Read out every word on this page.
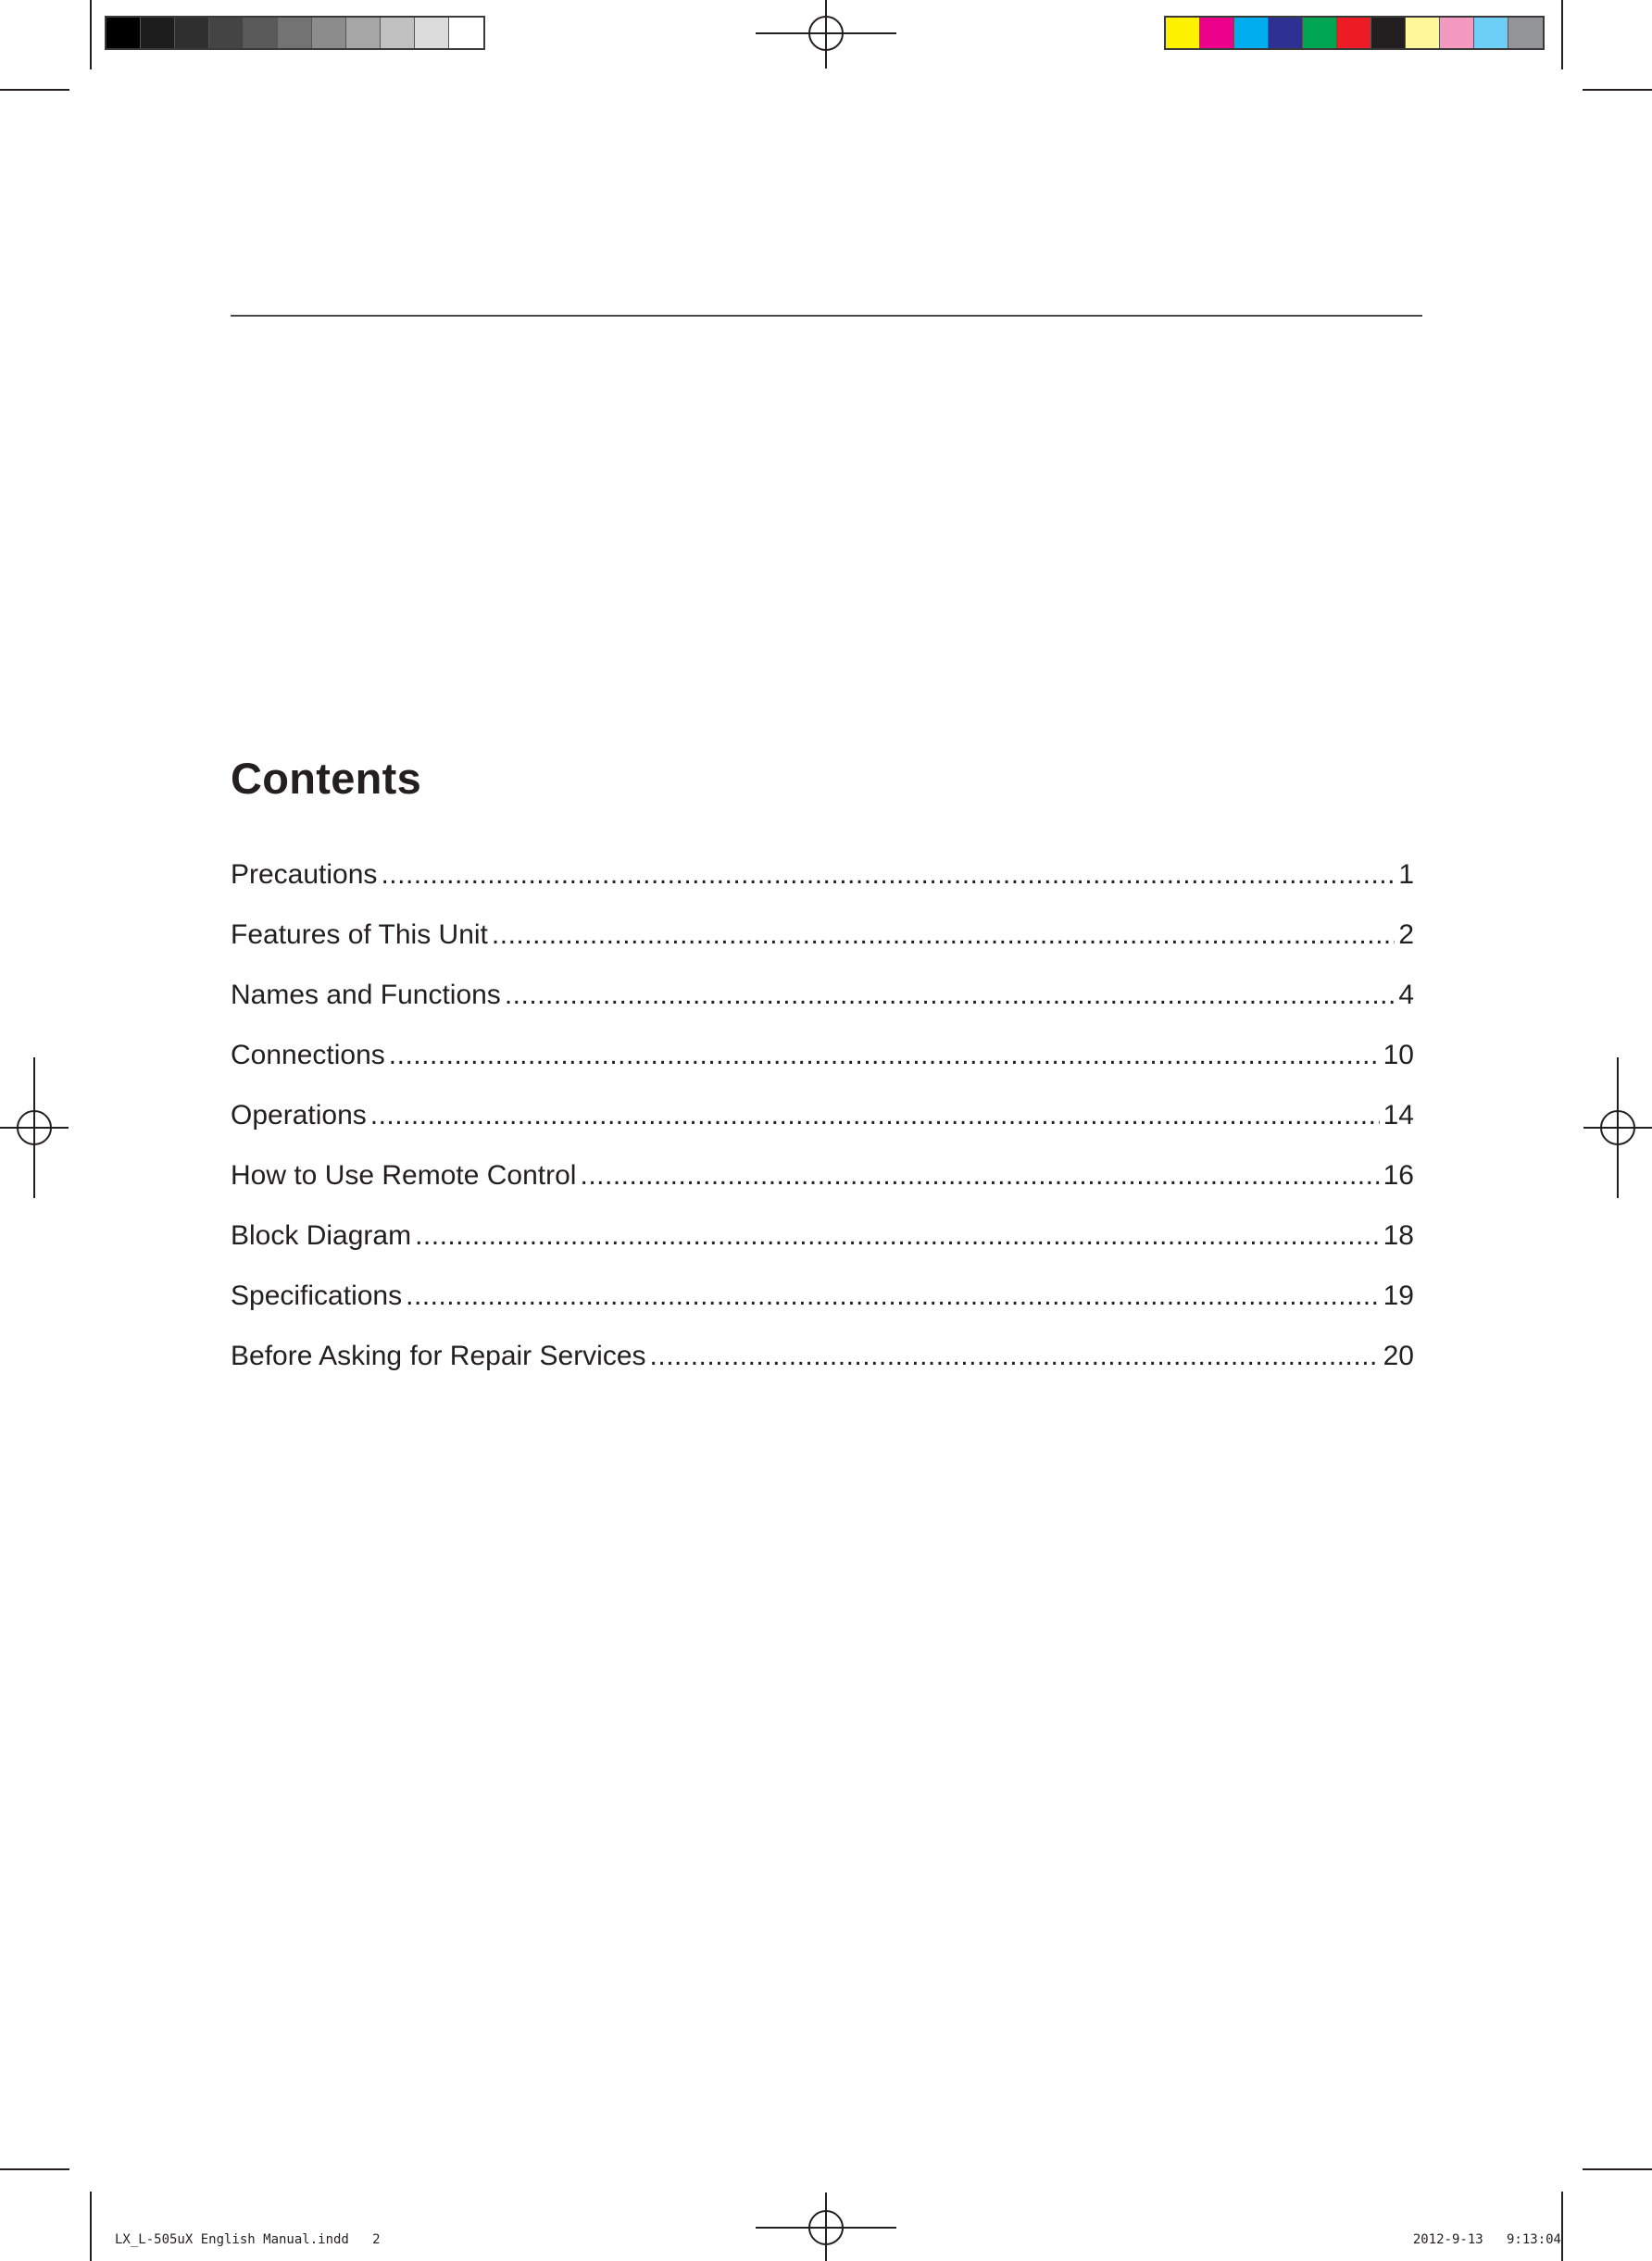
Contents
Precautions .....	1
Features of This Unit .....	2
Names and Functions .....	4
Connections .....	10
Operations .....	14
How to Use Remote Control .....	16
Block Diagram .....	18
Specifications .....	19
Before Asking for Repair Services .....	20
LX_L-505uX English Manual.indd   2	2012-9-13   9:13:04
